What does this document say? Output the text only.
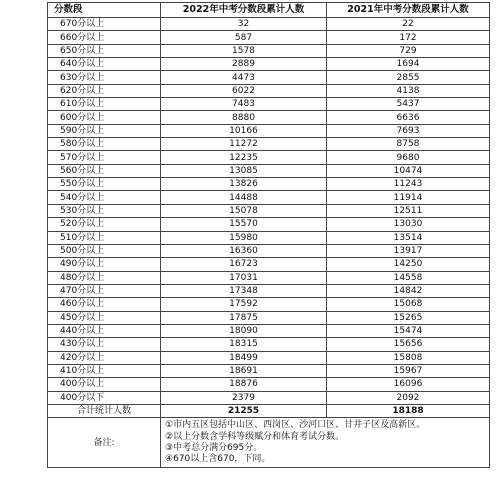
分数段	2022年中考分数段累计人数	2021年中考分数段累计人数
670分以上	32	22
660分以上	587	172
650分以上	1578	729
640分以上	2889	1694
630分以上	4473	2855
620分以上	6022	4138
610分以上	7483	5437
600分以上	8880	6636
590分以上	10166	7693
580分以上	11272	8758
570分以上	12235	9680
560分以上	13085	10474
550分以上	13826	11243
540分以上	14488	11914
530分以上	15078	12511
520分以上	15570	13030
510分以上	15980	13514
500分以上	16360	13917
490分以上	16723	14250
480分以上	17031	14558
470分以上	17348	14842
460分以上	17592	15068
450分以上	17875	15265
440分以上	18090	15474
430分以上	18315	15656
420分以上	18499	15808
410分以上	18691	15967
400分以上	18876	16096
400分以下	2379	2092
合计统计人数	21255	18188
备注:	①市内五区包括中山区、西岗区、沙河口区、甘井子区及高新区。
②以上分数含学科等级赋分和体育考试分数。
③中考总分满分695分。
④670以上含670，下同。	
